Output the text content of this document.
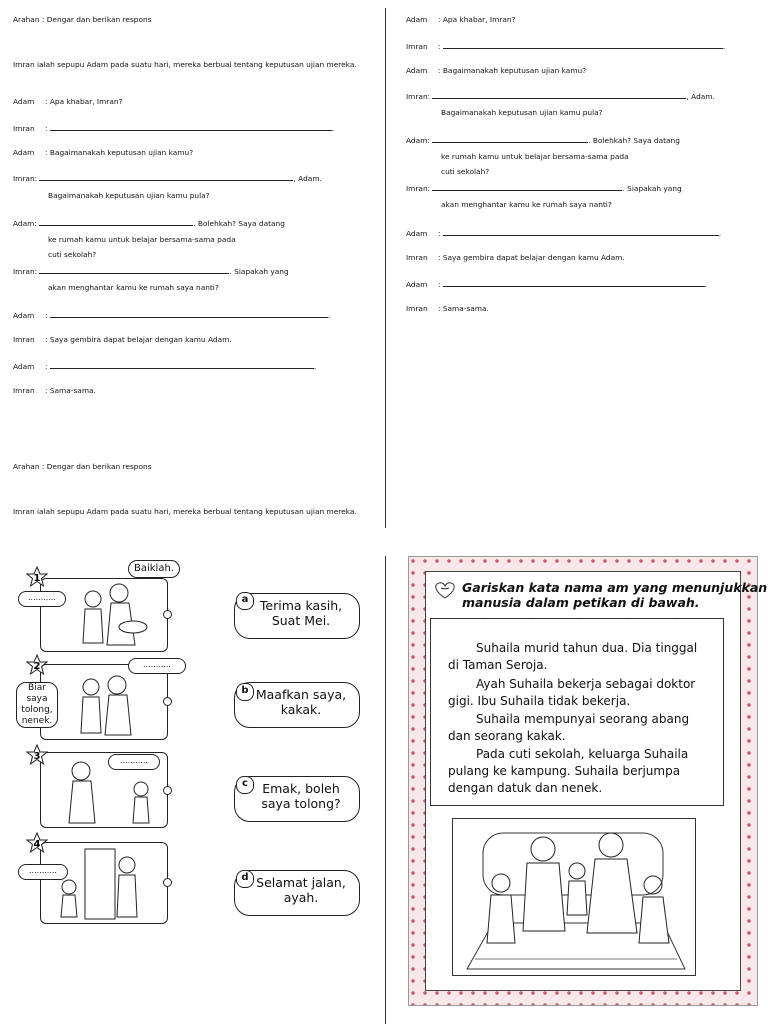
Arahan : Dengar dan berikan respons
Imran ialah sepupu Adam pada suatu hari, mereka berbual tentang keputusan ujian mereka.
Adam : Apa khabar, Imran?
Imran :	.
Adam : Bagaimanakah keputusan ujian kamu?
Imran:	, Adam.
Bagaimanakah keputusan ujian kamu pula?
Adam:	. Bolehkah? Saya datang
ke rumah kamu untuk belajar bersama-sama pada
cuti sekolah?
Imran:	. Siapakah yang
akan menghantar kamu ke rumah saya nanti?
Adam :	.
Imran : Saya gembira dapat belajar dengan kamu Adam.
Adam :	.
Imran : Sama-sama.
Arahan : Dengar dan berikan respons
Imran ialah sepupu Adam pada suatu hari, mereka berbual tentang keputusan ujian mereka.
Adam : Apa khabar, Imran?
Imran :	.
Adam : Bagaimanakah keputusan ujian kamu?
Imran:	, Adam.
Bagaimanakah keputusan ujian kamu pula?
Adam:	. Bolehkah? Saya datang
ke rumah kamu untuk belajar bersama-sama pada
cuti sekolah?
Imran:	. Siapakah yang
akan menghantar kamu ke rumah saya nanti?
Adam :	.
Imran : Saya gembira dapat belajar dengan kamu Adam.
Adam :	.
Imran : Sama-sama.
Baiklah.
...........
1
...........
Biar saya tolong, nenek.
2
...........
3
...........
4
Terima kasih, Suat Mei.
a
Maafkan saya, kakak.
b
Emak, boleh saya tolong?
c
Selamat jalan, ayah.
d
Gariskan kata nama am yang menunjukkan
manusia dalam petikan di bawah.
Suhaila murid tahun dua. Dia tinggal
di Taman Seroja.
Ayah Suhaila bekerja sebagai doktor
gigi. Ibu Suhaila tidak bekerja.
Suhaila mempunyai seorang abang
dan seorang kakak.
Pada cuti sekolah, keluarga Suhaila
pulang ke kampung. Suhaila berjumpa
dengan datuk dan nenek.
